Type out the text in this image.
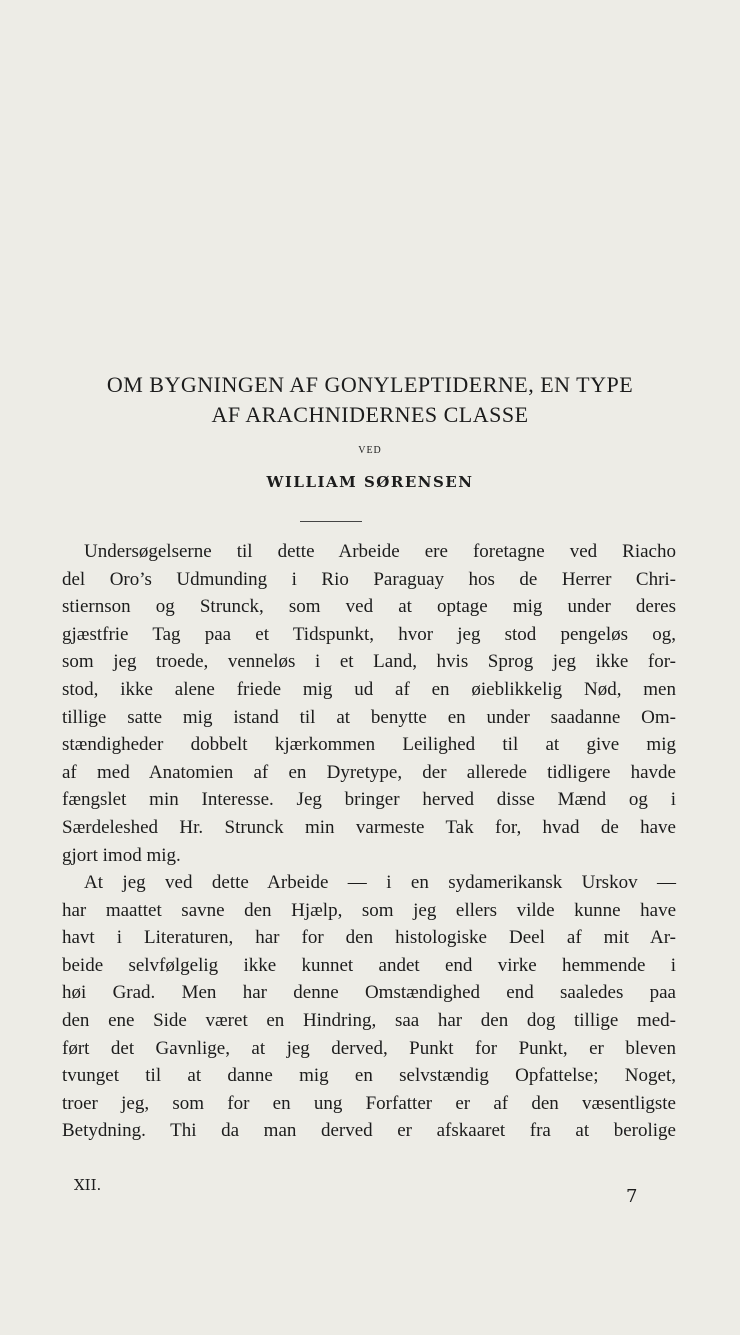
OM BYGNINGEN AF GONYLEPTIDERNE, EN TYPE
AF ARACHNIDERNES CLASSE
VED
WILLIAM SØRENSEN
Undersøgelserne til dette Arbeide ere foretagne ved Riacho
del Oro’s Udmunding i Rio Paraguay hos de Herrer Chri-
stiernson og Strunck, som ved at optage mig under deres
gjæstfrie Tag paa et Tidspunkt, hvor jeg stod pengeløs og,
som jeg troede, venneløs i et Land, hvis Sprog jeg ikke for-
stod, ikke alene friede mig ud af en øieblikkelig Nød, men
tillige satte mig istand til at benytte en under saadanne Om-
stændigheder dobbelt kjærkommen Leilighed til at give mig
af med Anatomien af en Dyretype, der allerede tidligere havde
fængslet min Interesse. Jeg bringer herved disse Mænd og i
Særdeleshed Hr. Strunck min varmeste Tak for, hvad de have
gjort imod mig.
At jeg ved dette Arbeide — i en sydamerikansk Urskov —
har maattet savne den Hjælp, som jeg ellers vilde kunne have
havt i Literaturen, har for den histologiske Deel af mit Ar-
beide selvfølgelig ikke kunnet andet end virke hemmende i
høi Grad. Men har denne Omstændighed end saaledes paa
den ene Side været en Hindring, saa har den dog tillige med-
ført det Gavnlige, at jeg derved, Punkt for Punkt, er bleven
tvunget til at danne mig en selvstændig Opfattelse; Noget,
troer jeg, som for en ung Forfatter er af den væsentligste
Betydning. Thi da man derved er afskaaret fra at berolige
XII.
7
